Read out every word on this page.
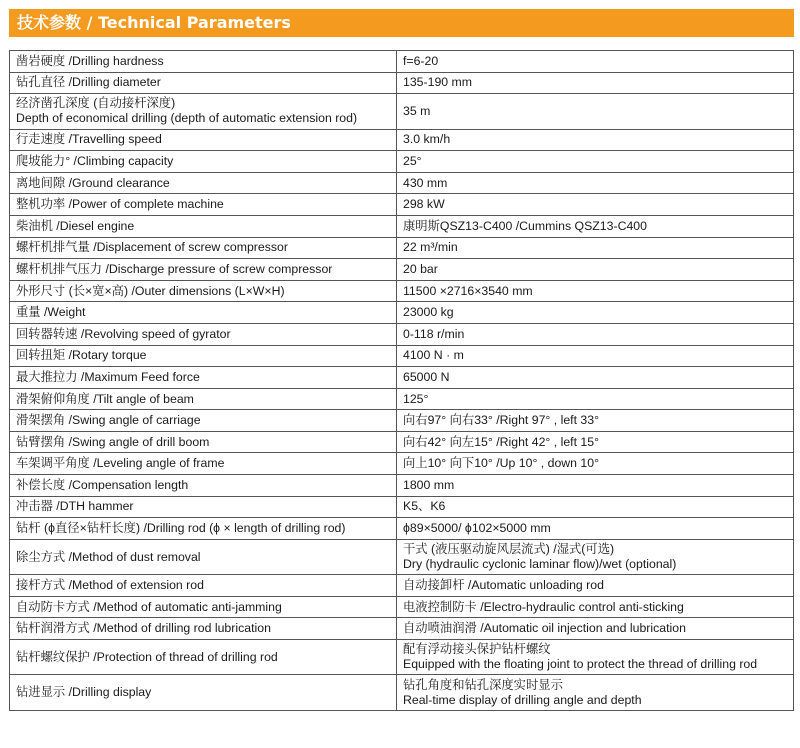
技术参数 / Technical Parameters
凿岩硬度 /Drilling hardness	f=6-20
钻孔直径 /Drilling diameter	135-190 mm
经济凿孔深度 (自动接杆深度)
Depth of economical drilling (depth of automatic extension rod)	35 m
行走速度 /Travelling speed	3.0 km/h
爬坡能力° /Climbing capacity	25°
离地间隙 /Ground clearance	430 mm
整机功率 /Power of complete machine	298 kW
柴油机 /Diesel engine	康明斯QSZ13-C400 /Cummins QSZ13-C400
螺杆机排气量 /Displacement of screw compressor	22 m³/min
螺杆机排气压力 /Discharge pressure of screw compressor	20 bar
外形尺寸 (长×宽×高) /Outer dimensions (L×W×H)	11500 ×2716×3540 mm
重量 /Weight	23000 kg
回转器转速 /Revolving speed of gyrator	0-118 r/min
回转扭矩 /Rotary torque	4100 N · m
最大推拉力 /Maximum Feed force	65000 N
滑架俯仰角度 /Tilt angle of beam	125°
滑架摆角 /Swing angle of carriage	向右97° 向右33° /Right 97° , left 33°
钻臂摆角 /Swing angle of drill boom	向右42° 向左15° /Right 42° , left 15°
车架调平角度 /Leveling angle of frame	向上10° 向下10° /Up 10° , down 10°
补偿长度 /Compensation length	1800 mm
冲击器 /DTH hammer	K5、K6
钻杆 (ϕ直径×钻杆长度) /Drilling rod (ϕ × length of drilling rod)	ϕ89×5000/ ϕ102×5000 mm
除尘方式 /Method of dust removal	干式 (液压驱动旋风层流式) /湿式(可选)
Dry (hydraulic cyclonic laminar flow)/wet (optional)

接杆方式 /Method of extension rod	自动接卸杆 /Automatic unloading rod
自动防卡方式 /Method of automatic anti-jamming	电液控制防卡 /Electro-hydraulic control anti-sticking
钻杆润滑方式 /Method of drilling rod lubrication	自动喷油润滑 /Automatic oil injection and lubrication
钻杆螺纹保护 /Protection of thread of drilling rod	配有浮动接头保护钻杆螺纹
Equipped with the floating joint to protect the thread of drilling rod

钻进显示 /Drilling display	钻孔角度和钻孔深度实时显示
Real-time display of drilling angle and depth
